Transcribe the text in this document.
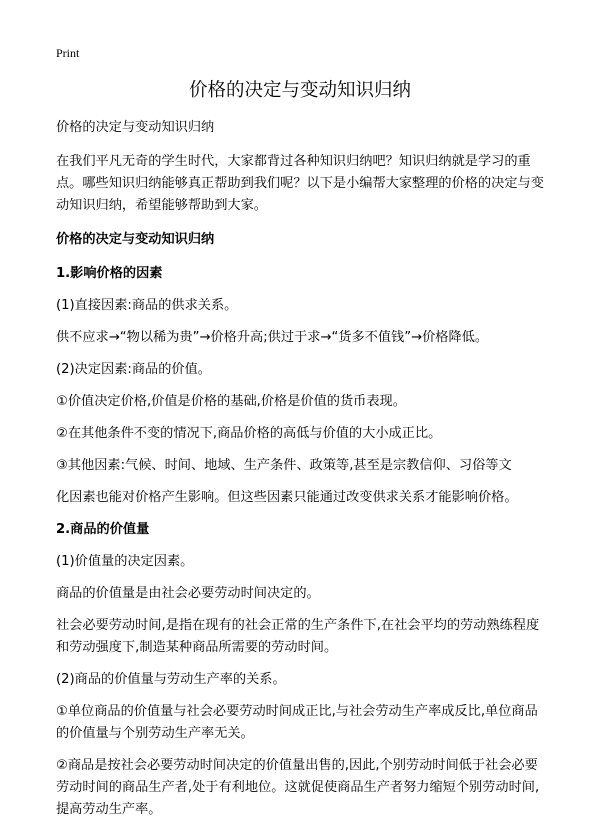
Print
价格的决定与变动知识归纳

价格的决定与变动知识归纳

在我们平凡无奇的学生时代，大家都背过各种知识归纳吧？知识归纳就是学习的重点。哪些知识归纳能够真正帮助到我们呢？以下是小编帮大家整理的价格的决定与变动知识归纳，希望能够帮助到大家。

价格的决定与变动知识归纳

1.影响价格的因素

(1)直接因素:商品的供求关系。

供不应求→“物以稀为贵”→价格升高;供过于求→“货多不值钱”→价格降低。

(2)决定因素:商品的价值。

①价值决定价格,价值是价格的基础,价格是价值的货币表现。

②在其他条件不变的情况下,商品价格的高低与价值的大小成正比。

③其他因素:气候、时间、地域、生产条件、政策等,甚至是宗教信仰、习俗等文

化因素也能对价格产生影响。但这些因素只能通过改变供求关系才能影响价格。

2.商品的价值量

(1)价值量的决定因素。

商品的价值量是由社会必要劳动时间决定的。

社会必要劳动时间,是指在现有的社会正常的生产条件下,在社会平均的劳动熟练程度和劳动强度下,制造某种商品所需要的劳动时间。

(2)商品的价值量与劳动生产率的关系。

①单位商品的价值量与社会必要劳动时间成正比,与社会劳动生产率成反比,单位商品的价值量与个别劳动生产率无关。

②商品是按社会必要劳动时间决定的价值量出售的,因此,个别劳动时间低于社会必要劳动时间的商品生产者,处于有利地位。这就促使商品生产者努力缩短个别劳动时间,提高劳动生产率。
